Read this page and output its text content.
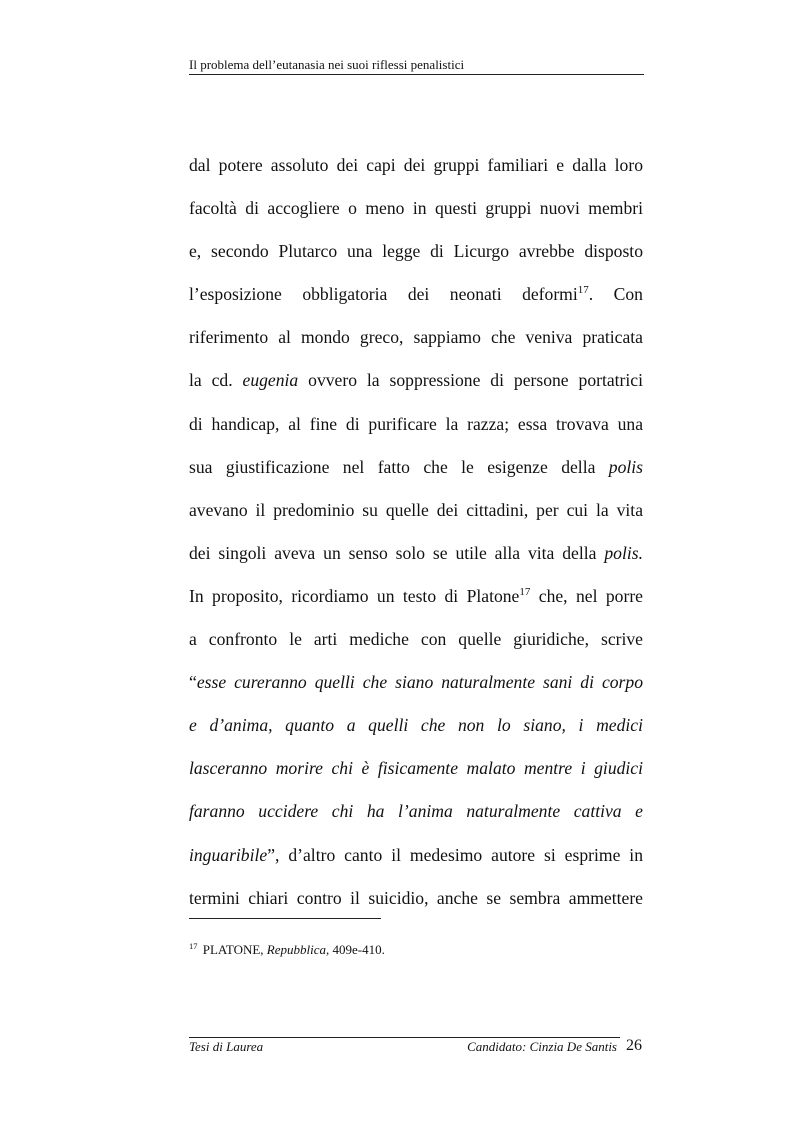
Il problema dell’eutanasia nei suoi riflessi penalistici
dal potere assoluto dei capi dei gruppi familiari e dalla loro
facoltà di accogliere o meno in questi gruppi nuovi membri
e, secondo Plutarco una legge di Licurgo avrebbe disposto
l’esposizione obbligatoria dei neonati deformi$^{17}$. Con
riferimento al mondo greco, sappiamo che veniva praticata
la cd. eugenia ovvero la soppressione di persone portatrici
di handicap, al fine di purificare la razza; essa trovava una
sua giustificazione nel fatto che le esigenze della polis
avevano il predominio su quelle dei cittadini, per cui la vita
dei singoli aveva un senso solo se utile alla vita della polis.
In proposito, ricordiamo un testo di Platone$^{17}$ che, nel porre
a confronto le arti mediche con quelle giuridiche, scrive
“esse cureranno quelli che siano naturalmente sani di corpo
e d’anima, quanto a quelli che non lo siano, i medici
lasceranno morire chi è fisicamente malato mentre i giudici
faranno uccidere chi ha l’anima naturalmente cattiva e
inguaribile”, d’altro canto il medesimo autore si esprime in
termini chiari contro il suicidio, anche se sembra ammettere
$^{17}$ PLATONE, Repubblica, 409e-410.
Tesi di Laurea	Candidato: Cinzia De Santis 26
